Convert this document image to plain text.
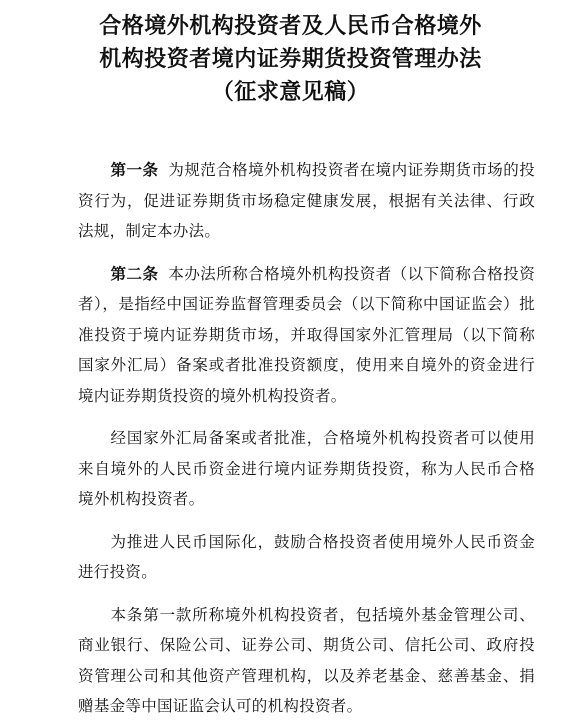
合格境外机构投资者及人民币合格境外
机构投资者境内证券期货投资管理办法
（征求意见稿）

第一条 为规范合格境外机构投资者在境内证券期货市场的投资行为，促进证券期货市场稳定健康发展，根据有关法律、行政法规，制定本办法。

第二条 本办法所称合格境外机构投资者（以下简称合格投资者），是指经中国证券监督管理委员会（以下简称中国证监会）批准投资于境内证券期货市场，并取得国家外汇管理局（以下简称国家外汇局）备案或者批准投资额度，使用来自境外的资金进行境内证券期货投资的境外机构投资者。

经国家外汇局备案或者批准，合格境外机构投资者可以使用来自境外的人民币资金进行境内证券期货投资，称为人民币合格境外机构投资者。

为推进人民币国际化，鼓励合格投资者使用境外人民币资金进行投资。

本条第一款所称境外机构投资者，包括境外基金管理公司、商业银行、保险公司、证券公司、期货公司、信托公司、政府投资管理公司和其他资产管理机构，以及养老基金、慈善基金、捐赠基金等中国证监会认可的机构投资者。
